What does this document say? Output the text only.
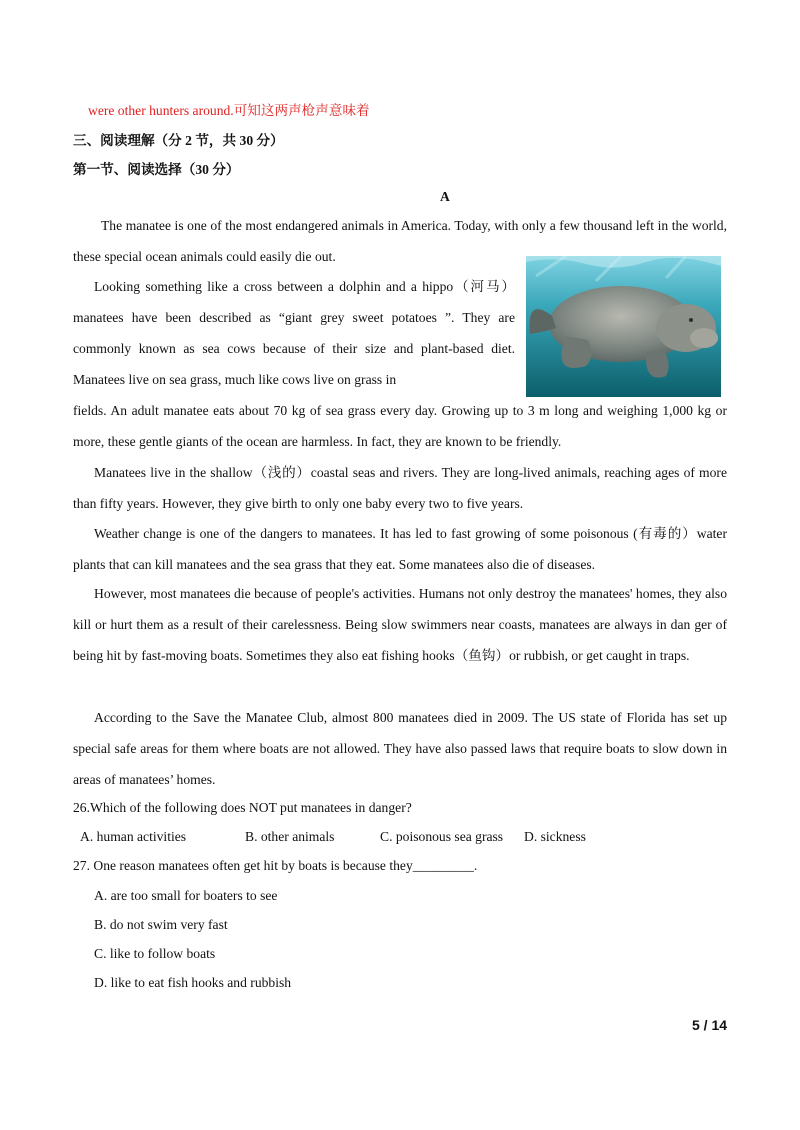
were other hunters around.可知这两声枪声意味着
三、阅读理解（分 2 节，共 30 分）
第一节、阅读选择（30 分）
A
The manatee is one of the most endangered animals in America. Today, with only a few thousand left in the world, these special ocean animals could easily die out.
Looking something like a cross between a dolphin and a hippo（河马）manatees have been described as “giant grey sweet potatoes ”. They are commonly known as sea cows because of their size and plant-based diet. Manatees live on sea grass, much like cows live on grass in
fields. An adult manatee eats about 70 kg of sea grass every day. Growing up to 3 m long and weighing 1,000 kg or more, these gentle giants of the ocean are harmless. In fact, they are known to be friendly.
Manatees live in the shallow（浅的）coastal seas and rivers. They are long-lived animals, reaching ages of more than fifty years. However, they give birth to only one baby every two to five years.
Weather change is one of the dangers to manatees. It has led to fast growing of some poisonous (有毒的）water plants that can kill manatees and the sea grass that they eat. Some manatees also die of diseases.
However, most manatees die because of people's activities. Humans not only destroy the manatees' homes, they also kill or hurt them as a result of their carelessness. Being slow swimmers near coasts, manatees are always in dan ger of being hit by fast-moving boats. Sometimes they also eat fishing hooks（鱼钩）or rubbish, or get caught in traps.
According to the Save the Manatee Club, almost 800 manatees died in 2009. The US state of Florida has set up special safe areas for them where boats are not allowed. They have also passed laws that require boats to slow down in areas of manatees’ homes.
26.Which of the following does NOT put manatees in danger?
A. human activities	B. other animals	C. poisonous sea grass D. sickness
27. One reason manatees often get hit by boats is because they_________.
A. are too small for boaters to see
B. do not swim very fast
C. like to follow boats
D. like to eat fish hooks and rubbish
5 / 14
